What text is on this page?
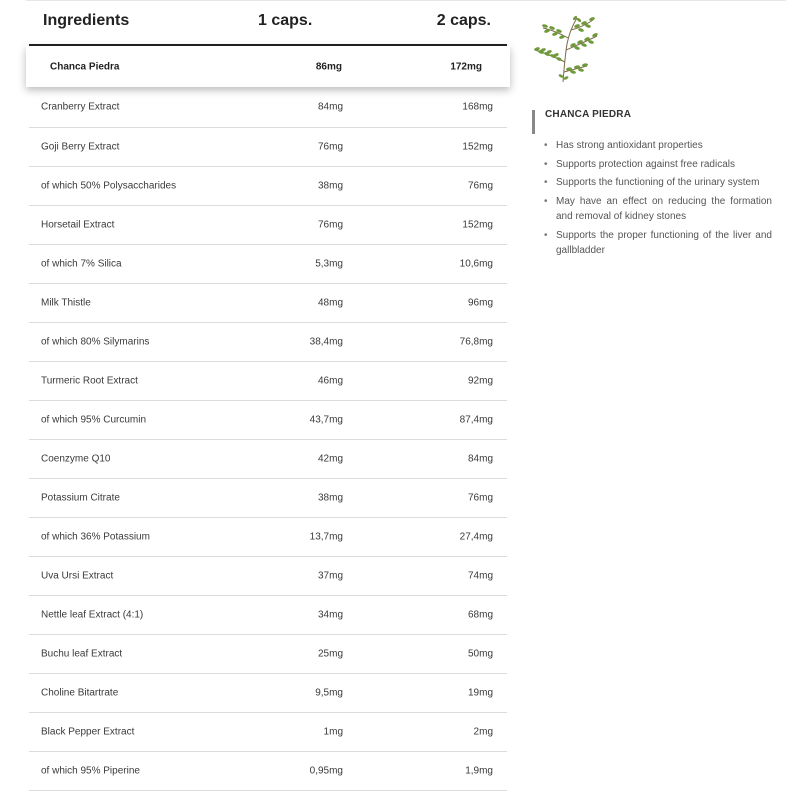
Ingredients	1 caps.	2 caps.
Chanca Piedra	86mg	172mg
Cranberry Extract	84mg	168mg
Goji Berry Extract	76mg	152mg
of which 50% Polysaccharides	38mg	76mg
Horsetail Extract	76mg	152mg
of which 7% Silica	5,3mg	10,6mg
Milk Thistle	48mg	96mg
of which 80% Silymarins	38,4mg	76,8mg
Turmeric Root Extract	46mg	92mg
of which 95% Curcumin	43,7mg	87,4mg
Coenzyme Q10	42mg	84mg
Potassium Citrate	38mg	76mg
of which 36% Potassium	13,7mg	27,4mg
Uva Ursi Extract	37mg	74mg
Nettle leaf Extract (4:1)	34mg	68mg
Buchu leaf Extract	25mg	50mg
Choline Bitartrate	9,5mg	19mg
Black Pepper Extract	1mg	2mg
of which 95% Piperine	0,95mg	1,9mg
CHANCA PIEDRA
• Has strong antioxidant properties
• Supports protection against free radicals
• Supports the functioning of the urinary system
• May have an effect on reducing the formation and removal of kidney stones
• Supports the proper functioning of the liver and gallbladder
